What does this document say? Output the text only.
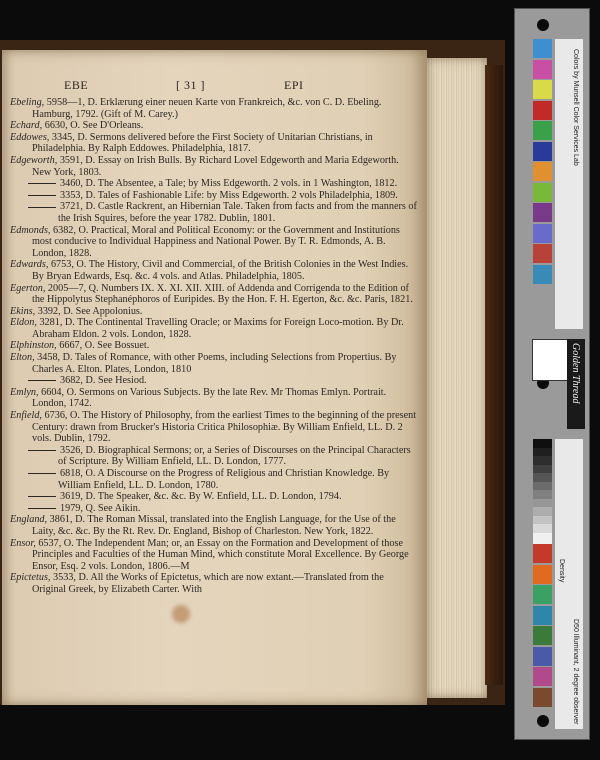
EBE	[ 31 ]	EPI

Ebeling, 5958—1, D. Erklærung einer neuen Karte von Frankreich, &c. von C. D. Ebeling. Hamburg, 1792. (Gift of M. Carey.)

Echard, 6630, O. See D'Orleans.

Eddowes, 3345, D. Sermons delivered before the First Society of Unitarian Christians, in Philadelphia. By Ralph Eddowes. Philadelphia, 1817.

Edgeworth, 3591, D. Essay on Irish Bulls. By Richard Lovel Edgeworth and Maria Edgeworth. New York, 1803.

3460, D. The Absentee, a Tale; by Miss Edgeworth. 2 vols. in 1 Washington, 1812.

3353, D. Tales of Fashionable Life: by Miss Edgeworth. 2 vols Philadelphia, 1809.

3721, D. Castle Rackrent, an Hibernian Tale. Taken from facts and from the manners of the Irish Squires, before the year 1782. Dublin, 1801.

Edmonds, 6382, O. Practical, Moral and Political Economy: or the Government and Institutions most conducive to Individual Happiness and National Power. By T. R. Edmonds, A. B. London, 1828.

Edwards, 6753, O. The History, Civil and Commercial, of the British Colonies in the West Indies. By Bryan Edwards, Esq. &c. 4 vols. and Atlas. Philadelphia, 1805.

Egerton, 2005—7, Q. Numbers IX. X. XI. XII. XIII. of Addenda and Corrigenda to the Edition of the Hippolytus Stephanéphoros of Euripides. By the Hon. F. H. Egerton, &c. &c. Paris, 1821.

Ekins, 3392, D. See Appolonius.

Eldon, 3281, D. The Continental Travelling Oracle; or Maxims for Foreign Loco-motion. By Dr. Abraham Eldon. 2 vols. London, 1828.

Elphinston, 6667, O. See Bossuet.

Elton, 3458, D. Tales of Romance, with other Poems, including Selections from Propertius. By Charles A. Elton. Plates, London, 1810

3682, D. See Hesiod.

Emlyn, 6604, O. Sermons on Various Subjects. By the late Rev. Mr Thomas Emlyn. Portrait. London, 1742.

Enfield, 6736, O. The History of Philosophy, from the earliest Times to the beginning of the present Century: drawn from Brucker's Historia Critica Philosophiæ. By William Enfield, LL. D. 2 vols. Dublin, 1792.

3526, D. Biographical Sermons; or, a Series of Discourses on the Principal Characters of Scripture. By William Enfield, LL. D. London, 1777.

6818, O. A Discourse on the Progress of Religious and Christian Knowledge. By William Enfield, LL. D. London, 1780.

3619, D. The Speaker, &c. &c. By W. Enfield, LL. D. London, 1794.

1979, Q. See Aikin.

England, 3861, D. The Roman Missal, translated into the English Language, for the Use of the Laity, &c. &c. By the Rt. Rev. Dr. England, Bishop of Charleston. New York, 1822.

Ensor, 6537, O. The Independent Man; or, an Essay on the Formation and Development of those Principles and Faculties of the Human Mind, which constitute Moral Excellence. By George Ensor, Esq. 2 vols. London, 1806.—M

Epictetus, 3533, D. All the Works of Epictetus, which are now extant.—Translated from the Original Greek, by Elizabeth Carter. With

Colors by Munsell Color Services Lab
Golden Thread
Density
D50 Illuminant, 2 degree observer
